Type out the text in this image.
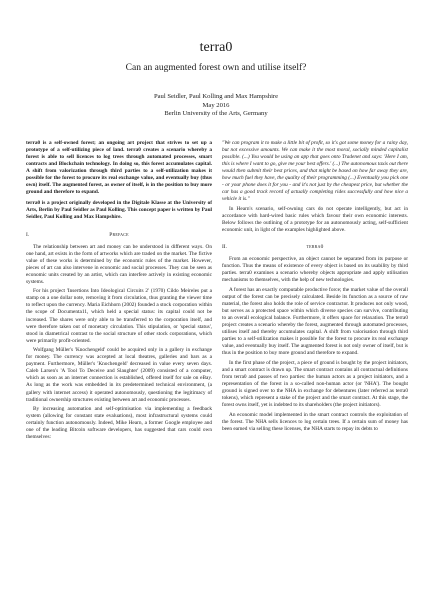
terra0
Can an augmented forest own and utilise itself?
Paul Seidler, Paul Kolling and Max Hampshire
May 2016
Berlin University of the Arts, Germany

terra0 is a self-owned forest; an ongoing art project that strives to set up a prototype of a self-utilizing piece of land. terra0 creates a scenario whereby a forest is able to sell licences to log trees through automated processes, smart contracts and Blockchain technology. In doing so, this forest accumulates capital. A shift from valorization through third parties to a self-utilization makes it possible for the forest to procure its real exchange value, and eventually buy (thus own) itself. The augmented forest, as owner of itself, is in the position to buy more ground and therefore to expand.

terra0 is a project originally developed in the Digitale Klasse at the University of Arts, Berlin by Paul Seidler as Paul Kolling. This concept paper is written by Paul Seidler, Paul Kolling and Max Hampshire.

I.	Preface

The relationship between art and money can be understood in different ways. On one hand, art exists in the form of artworks which are traded on the market. The fictive value of these works is determined by the economic rules of the market. However, pieces of art can also intervene in economic and social processes. They can be seen as economic units created by an artist, which can interfere actively in existing economic systems.

For his project 'Insertions Into Ideological Circuits 2' (1970) Cildo Meireles put a stamp on a one dollar note, removing it from circulation, thus granting the viewer time to reflect upon the currency. Maria Eichhorn (2002) founded a stock corporation within the scope of Documenta11, which held a special status: its capital could not be increased. The shares were only able to be transferred to the corporation itself, and were therefore taken out of monetary circulation. This stipulation, or 'special status', stood in diametrical contrast to the social structure of other stock corporations, which were primarily profit-oriented.

Wolfgang Müller's 'Knochengeld' could be acquired only in a gallery in exchange for money. The currency was accepted at local theatres, galleries and bars as a payment. Furthermore, Müller's 'Knochengeld' decreased in value every seven days. Caleb Larsen's 'A Tool To Deceive and Slaughter' (2009) consisted of a computer, which as soon as an internet connection is established, offered itself for sale on eBay. As long as the work was embedded in its predetermined technical environment, (a gallery with internet access) it operated autonomously, questioning the legitimacy of traditional ownership structures existing between art and economic processes.

By increasing automation and self-optimisation via implementing a feedback system (allowing for constant state evaluations), most infrastructural systems could certainly function autonomously. Indeed, Mike Hearn, a former Google employee and one of the leading Bitcoin software developers, has suggested that cars could own themselves:

"We can program it to make a little bit of profit, so it's got some money for a rainy day, but not excessive amounts. We can make it the most moral, socially minded capitalist possible. (...) You would be using an app that goes onto Tradenet and says: 'Here I am, this is where I want to go, give me your best offers.' (...) The autonomous taxis out there would then submit their best prices, and that might be based on how far away they are, how much fuel they have, the quality of their programming (...) Eventually you pick one - or your phone does it for you - and it's not just by the cheapest price, but whether the car has a good track record of actually completing rides successfully and how nice a vehicle it is."

In Hearn's scenario, self-owning cars do not operate intelligently, but act in accordance with hard-wired basic rules which favour their own economic interests. Below follows the outlining of a prototype for an autonomously acting, self-sufficient economic unit, in light of the examples highlighted above.

II.	terra0

From an economic perspective, an object cannot be separated from its purpose or function. Thus the means of existence of every object is based on its usability by third parties. terra0 examines a scenario whereby objects appropriate and apply utilisation mechanisms to themselves, with the help of new technologies.

A forest has an exactly computable productive force; the market value of the overall output of the forest can be precisely calculated. Beside its function as a source of raw material, the forest also holds the role of service contractor. It produces not only wood, but serves as a protected space within which diverse species can survive, contributing to an overall ecological balance. Furthermore, it offers space for relaxation. The terra0 project creates a scenario whereby the forest, augmented through automated processes, utilises itself and thereby accumulates capital. A shift from valorisation through third parties to a self-utilization makes it possible for the forest to procure its real exchange value, and eventually buy itself. The augmented forest is not only owner of itself, but is thus in the position to buy more ground and therefore to expand.

In the first phase of the project, a piece of ground is bought by the project initiators, and a smart contract is drawn up. The smart contract contains all contractual definitions from terra0 and passes of two parties: the human actors as a project initiators, and a representation of the forest in a so-called non-human actor (or 'NHA'). The bought ground is signed over to the NHA in exchange for debentures (later referred as terra0 tokens), which represent a stake of the project and the smart contract. At this stage, the forest owns itself, yet is indebted to its shareholders (the project initiators).

An economic model implemented in the smart contract controls the exploitation of the forest. The NHA sells licences to log certain trees. If a certain sum of money has been earned via selling these licenses, the NHA starts to repay its debts to
